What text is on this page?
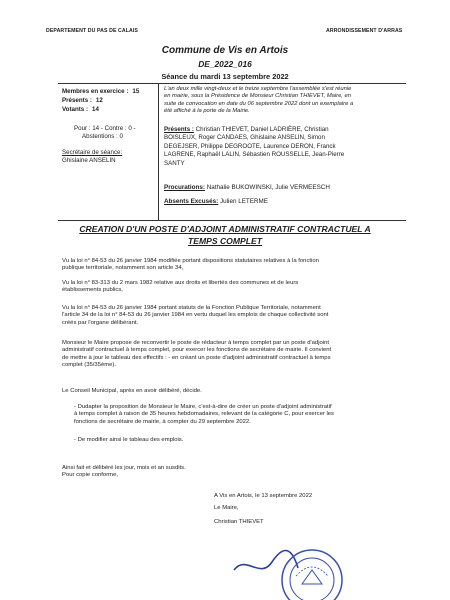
DEPARTEMENT DU PAS DE CALAIS	ARRONDISSEMENT D'ARRAS
Commune de Vis en Artois
DE_2022_016
Séance du mardi 13 septembre 2022
Membres en exercice : 15
Présents : 12
Votants : 14
Pour : 14 - Contre : 0 -
Abstentions : 0
Secrétaire de séance:
Ghislaine ANSELIN
L'an deux mille vingt-deux et le treize septembre l'assemblée s'est réunie
en mairie, sous la Présidence de Monsieur Christian THIEVET, Maire, en
suite de convocation en date du 06 septembre 2022 dont un exemplaire a
été affiché à la porte de la Mairie.
Présents : Christian THIEVET, Daniel LADRIÈRE, Christian
BOISLEUX, Roger CANDAES, Ghislaine ANSELIN, Simon
DEGEJSER, Philippe DEGROOTE, Laurence DERON, Franck
LAGRENE, Raphaël LALIN, Sébastien ROUSSELLE, Jean-Pierre
SANTY
Procurations: Nathalie BUKOWINSKI, Julie VERMEESCH
Absents Excusés: Julien LETERME
CREATION D'UN POSTE D'ADJOINT ADMINISTRATIF CONTRACTUEL A
TEMPS COMPLET
Vu la loi n° 84-53 du 26 janvier 1984 modifiée portant dispositions statutaires relatives à la fonction
publique territoriale, notamment son article 34,
Vu la loi n° 83-313 du 2 mars 1982 relative aux droits et libertés des communes et de leurs
établissements publics,
Vu la loi n° 84-53 du 26 janvier 1984 portant statuts de la Fonction Publique Territoriale, notamment
l'article 34 de la loi n° 84-53 du 26 janvier 1984 en vertu duquel les emplois de chaque collectivité sont
créés par l'organe délibérant.
Monsieur le Maire propose de reconvertir le poste de rédacteur à temps complet par un poste d'adjoint
administratif contractuel à temps complet, pour exercer les fonctions de secrétaire de mairie. Il convient
de mettre à jour le tableau des effectifs : - en créant un poste d'adjoint administratif contractuel à temps
complet (35/35ème).
Le Conseil Municipal, après en avoir délibéré, décide.
- Dudapter la proposition de Monsieur le Maire, c'est-à-dire de créer un poste d'adjoint administratif
à temps complet à raison de 35 heures hebdomadaires, relevant de la catégorie C, pour exercer les
fonctions de secrétaire de mairie, à compter du 29 septembre 2022.
- De modifier ainsi le tableau des emplois.
Ainsi fait et délibéré les jour, mois et an susdits.
Pour copie conforme,
A Vis en Artois, le 13 septembre 2022
Le Maire,
Christian THIEVET
